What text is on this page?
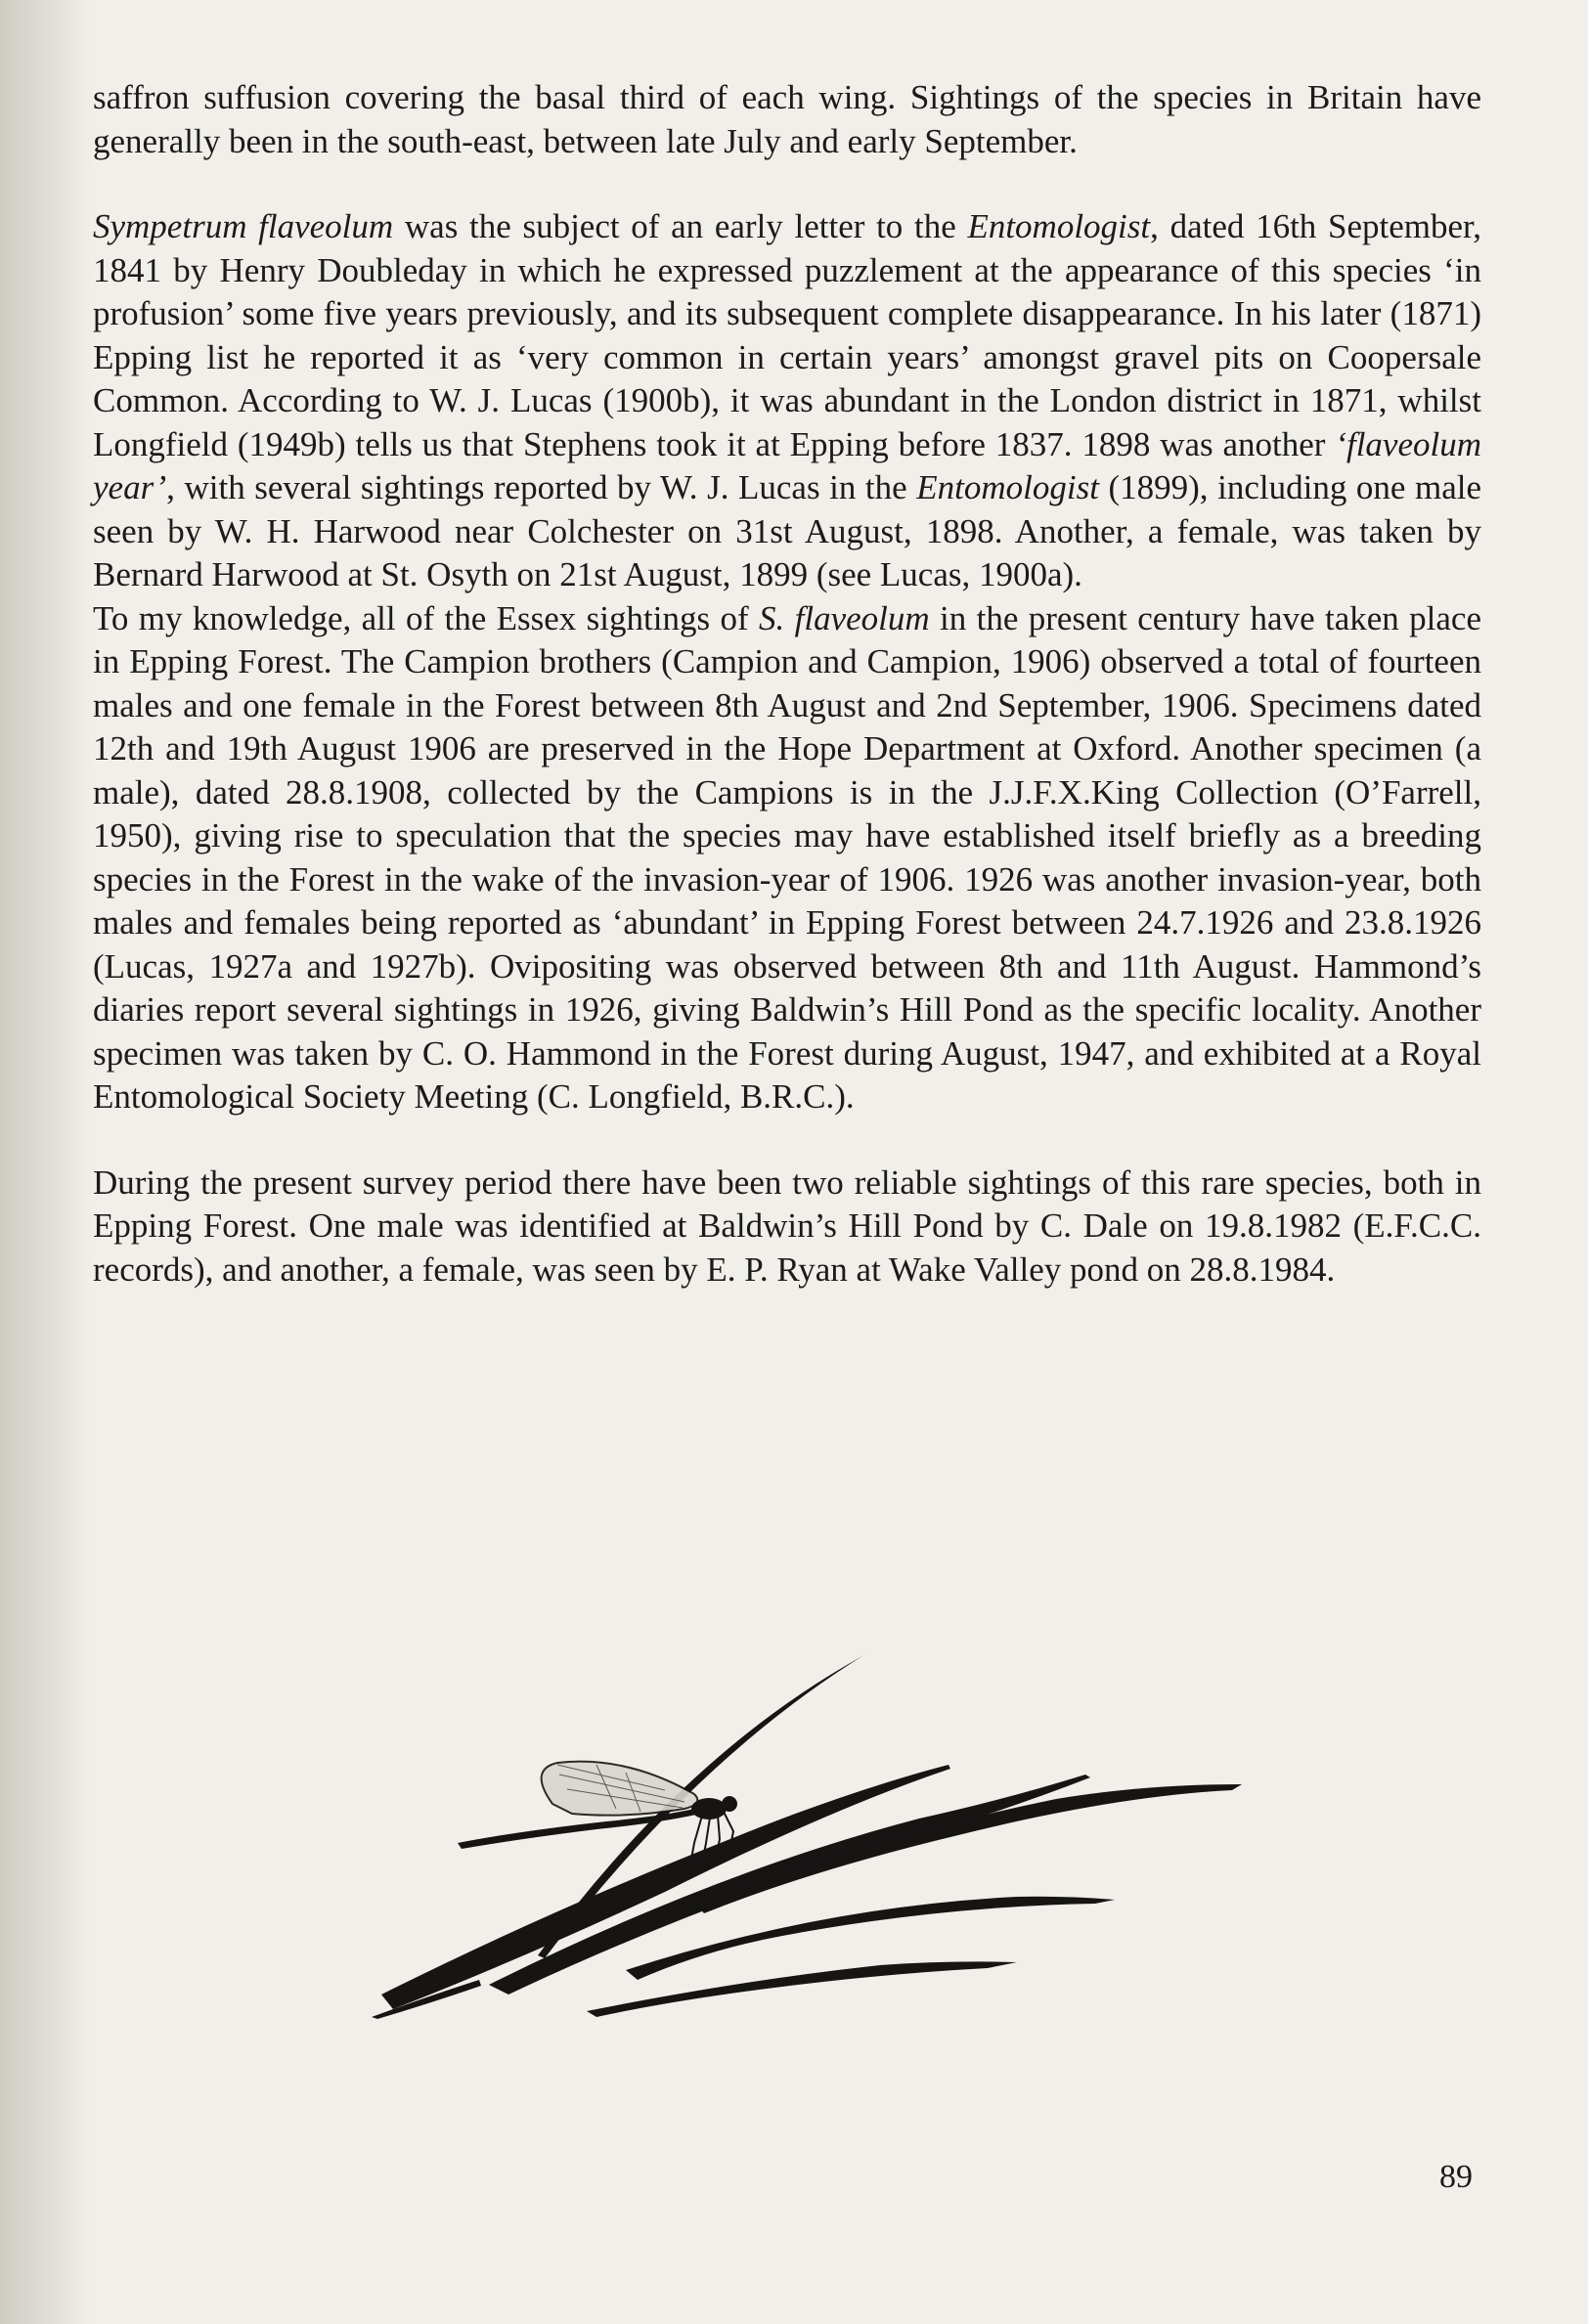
saffron suffusion covering the basal third of each wing. Sightings of the species in Britain have generally been in the south-east, between late July and early September.

Sympetrum flaveolum was the subject of an early letter to the Entomologist, dated 16th September, 1841 by Henry Doubleday in which he expressed puzzlement at the appearance of this species ‘in profusion’ some five years previously, and its subsequent complete disappearance. In his later (1871) Epping list he reported it as ‘very common in certain years’ amongst gravel pits on Coopersale Common. According to W. J. Lucas (1900b), it was abundant in the London district in 1871, whilst Longfield (1949b) tells us that Stephens took it at Epping before 1837. 1898 was another ‘flaveolum year’, with several sightings reported by W. J. Lucas in the Entomologist (1899), including one male seen by W. H. Harwood near Colchester on 31st August, 1898. Another, a female, was taken by Bernard Harwood at St. Osyth on 21st August, 1899 (see Lucas, 1900a).

To my knowledge, all of the Essex sightings of S. flaveolum in the present century have taken place in Epping Forest. The Campion brothers (Campion and Campion, 1906) observed a total of fourteen males and one female in the Forest between 8th August and 2nd September, 1906. Specimens dated 12th and 19th August 1906 are preserved in the Hope Department at Oxford. Another specimen (a male), dated 28.8.1908, collected by the Campions is in the J.J.F.X.King Collection (O’Farrell, 1950), giving rise to speculation that the species may have established itself briefly as a breeding species in the Forest in the wake of the invasion-year of 1906. 1926 was another invasion-year, both males and females being reported as ‘abundant’ in Epping Forest between 24.7.1926 and 23.8.1926 (Lucas, 1927a and 1927b). Ovipositing was observed between 8th and 11th August. Hammond’s diaries report several sightings in 1926, giving Baldwin’s Hill Pond as the specific locality. Another specimen was taken by C. O. Hammond in the Forest during August, 1947, and exhibited at a Royal Entomological Society Meeting (C. Longfield, B.R.C.).

During the present survey period there have been two reliable sightings of this rare species, both in Epping Forest. One male was identified at Baldwin’s Hill Pond by C. Dale on 19.8.1982 (E.F.C.C. records), and another, a female, was seen by E. P. Ryan at Wake Valley pond on 28.8.1984.

89
